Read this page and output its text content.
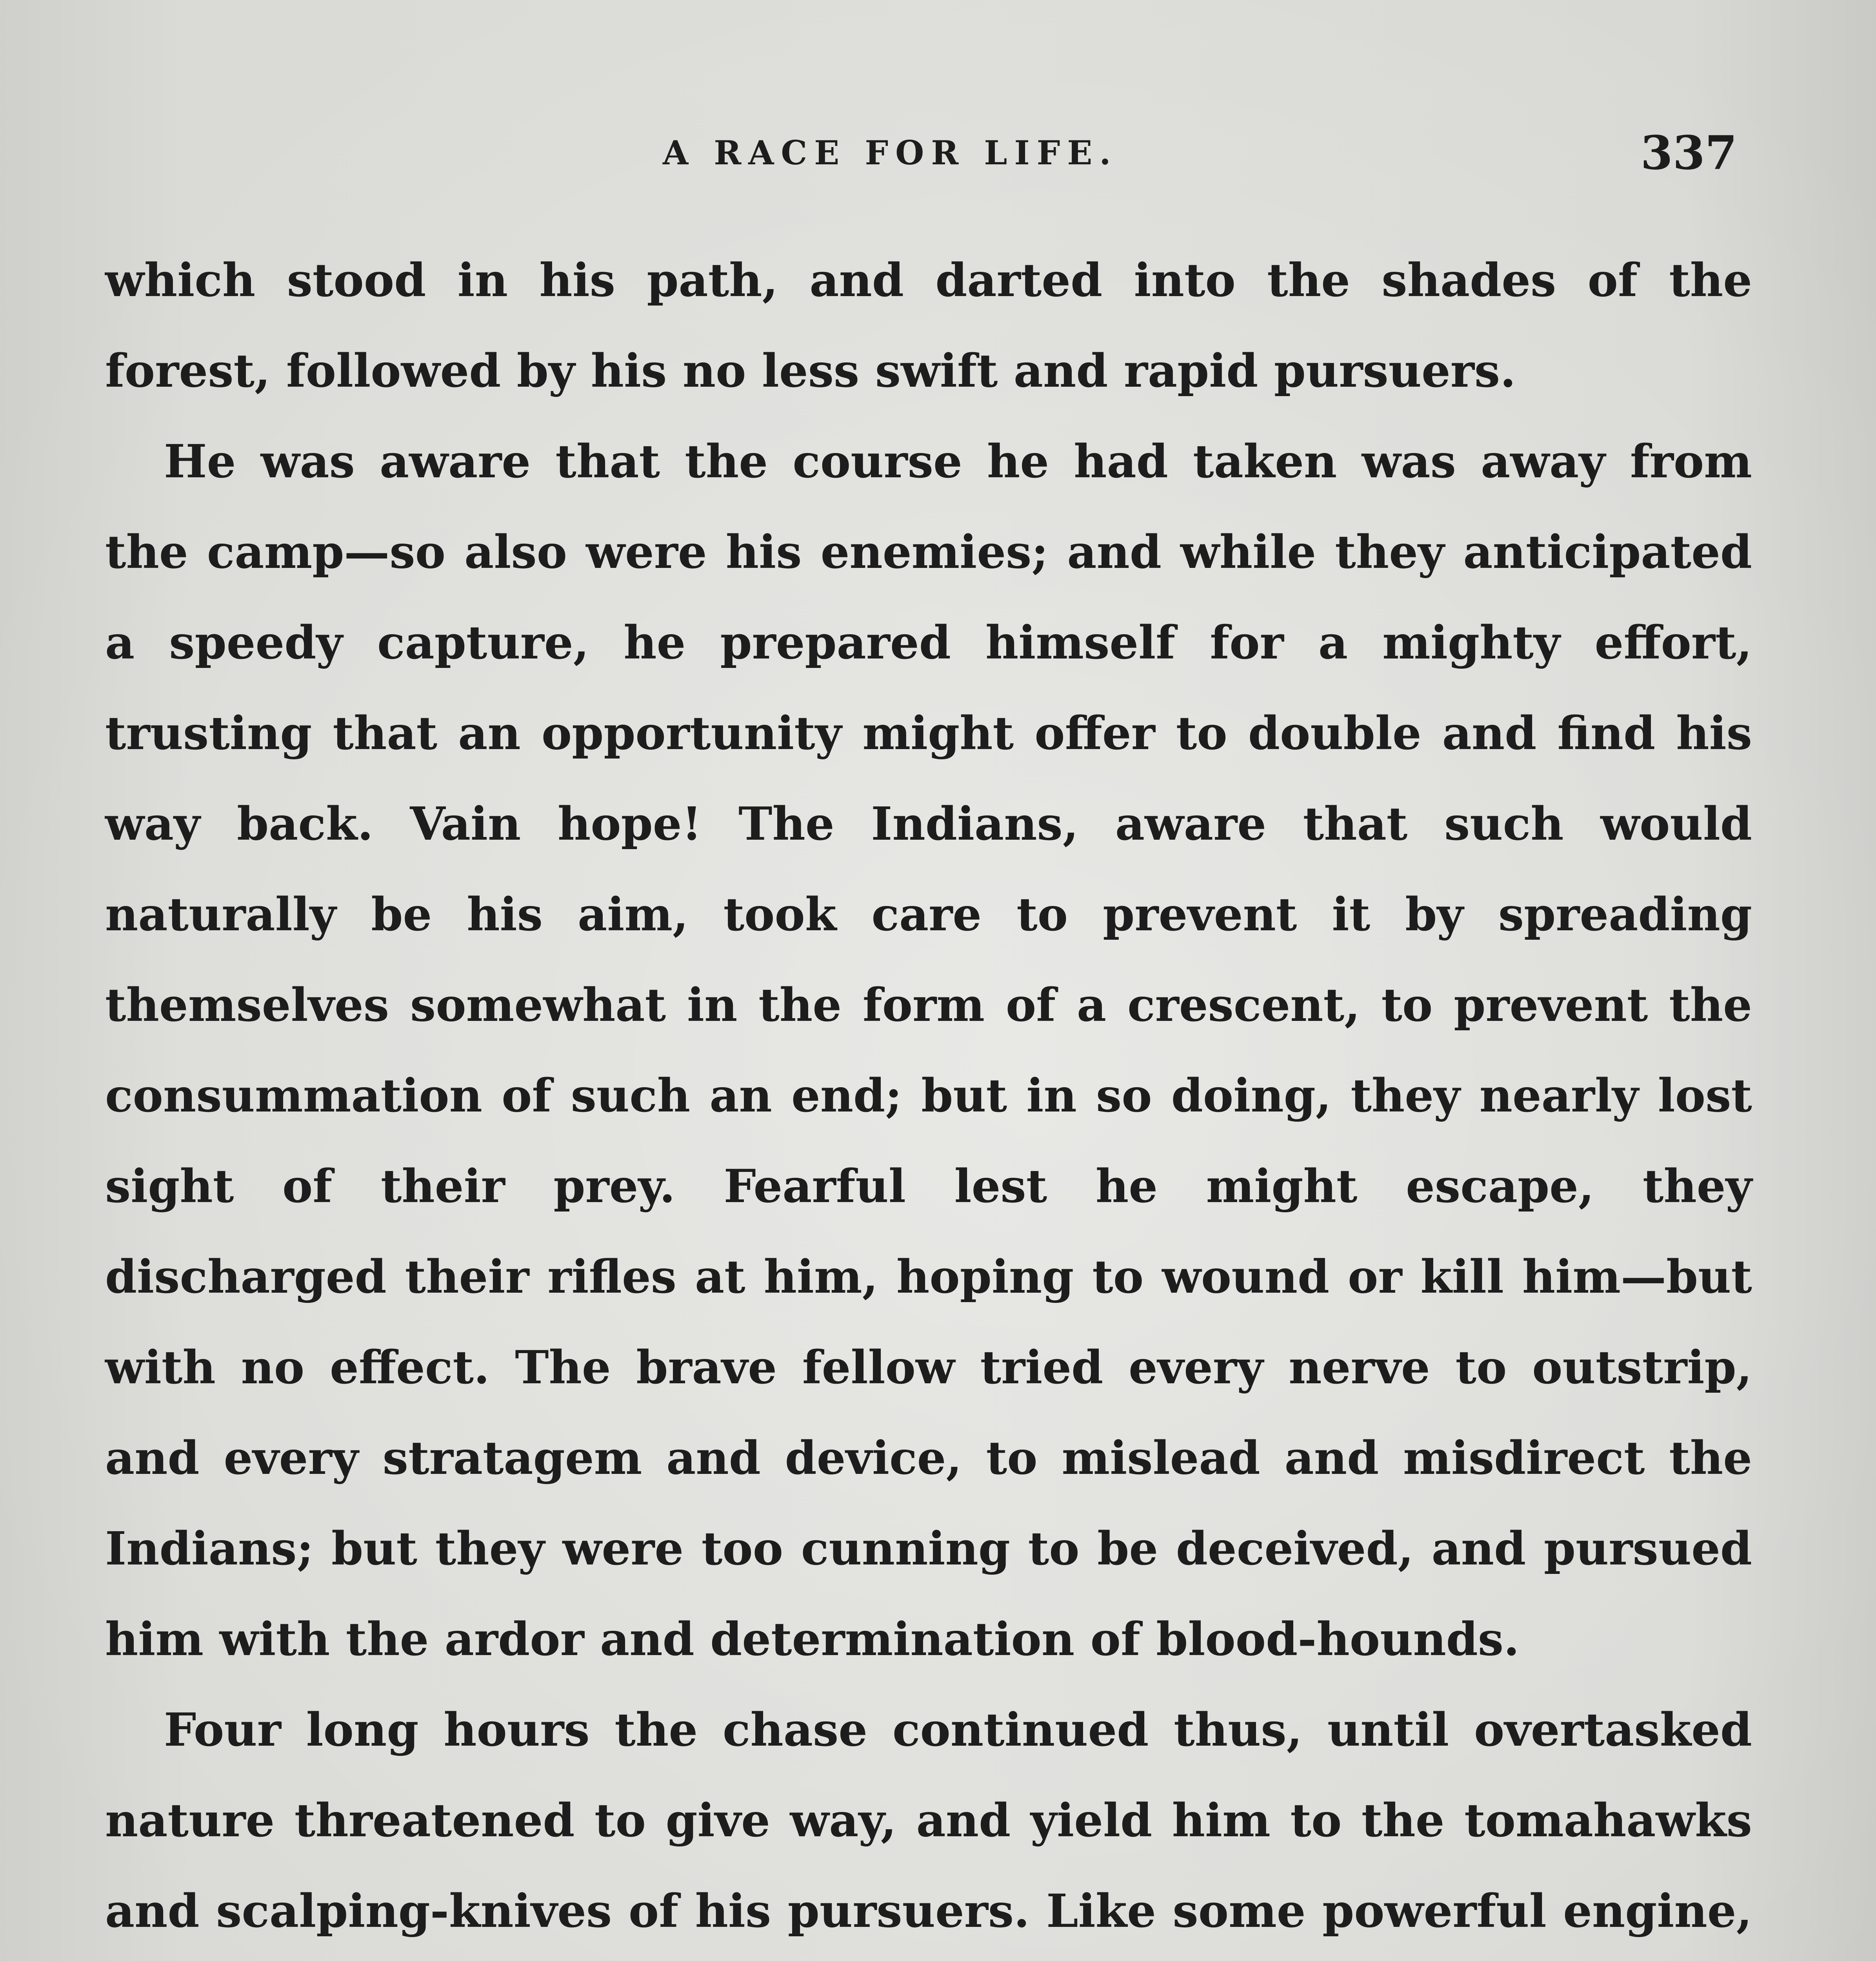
A RACE FOR LIFE.	337

which stood in his path, and darted into the shades of the forest, followed by his no less swift and rapid pursuers.

He was aware that the course he had taken was away from the camp—so also were his enemies; and while they anticipated a speedy capture, he prepared himself for a mighty effort, trusting that an opportunity might offer to double and find his way back. Vain hope! The Indians, aware that such would naturally be his aim, took care to prevent it by spreading themselves somewhat in the form of a crescent, to prevent the consummation of such an end; but in so doing, they nearly lost sight of their prey. Fearful lest he might escape, they discharged their rifles at him, hoping to wound or kill him—but with no effect. The brave fellow tried every nerve to outstrip, and every stratagem and device, to mislead and misdirect the Indians; but they were too cunning to be deceived, and pursued him with the ardor and determination of blood-hounds.

Four long hours the chase continued thus, until overtasked nature threatened to give way, and yield him to the tomahawks and scalping-knives of his pursuers. Like some powerful engine,
